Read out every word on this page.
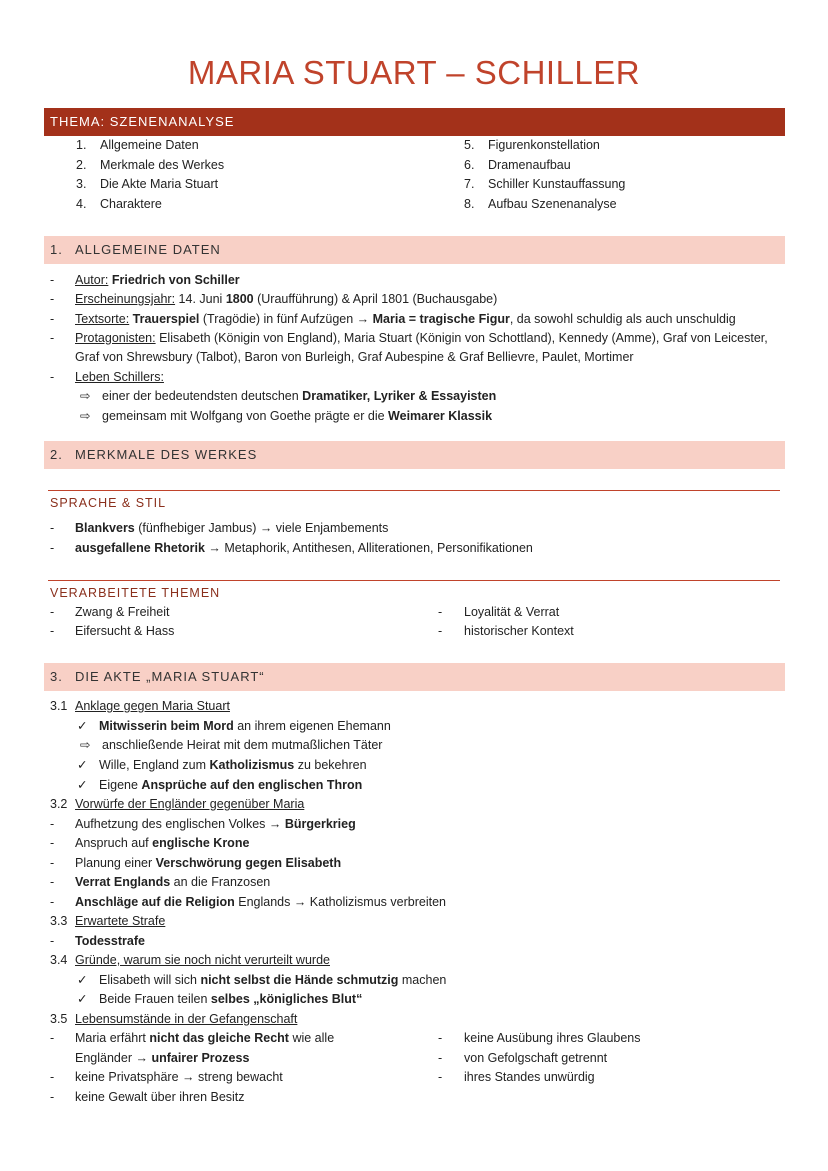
MARIA STUART – SCHILLER
THEMA: SZENENANALYSE
1. Allgemeine Daten
2. Merkmale des Werkes
3. Die Akte Maria Stuart
4. Charaktere
5. Figurenkonstellation
6. Dramenaufbau
7. Schiller Kunstauffassung
8. Aufbau Szenenanalyse
1. ALLGEMEINE DATEN
- Autor: Friedrich von Schiller
- Erscheinungsjahr: 14. Juni 1800 (Uraufführung) & April 1801 (Buchausgabe)
- Textsorte: Trauerspiel (Tragödie) in fünf Aufzügen → Maria = tragische Figur, da sowohl schuldig als auch unschuldig
- Protagonisten: Elisabeth (Königin von England), Maria Stuart (Königin von Schottland), Kennedy (Amme), Graf von Leicester,
Graf von Shrewsbury (Talbot), Baron von Burleigh, Graf Aubespine & Graf Bellievre, Paulet, Mortimer
- Leben Schillers:
⇨ einer der bedeutendsten deutschen Dramatiker, Lyriker & Essayisten
⇨ gemeinsam mit Wolfgang von Goethe prägte er die Weimarer Klassik
2. MERKMALE DES WERKES
SPRACHE & STIL
- Blankvers (fünfhebiger Jambus) → viele Enjambements
- ausgefallene Rhetorik → Metaphorik, Antithesen, Alliterationen, Personifikationen
VERARBEITETE THEMEN
- Zwang & Freiheit
- Eifersucht & Hass
- Loyalität & Verrat
- historischer Kontext
3. DIE AKTE „MARIA STUART“
3.1 Anklage gegen Maria Stuart
✓ Mitwisserin beim Mord an ihrem eigenen Ehemann
⇨ anschließende Heirat mit dem mutmaßlichen Täter
✓ Wille, England zum Katholizismus zu bekehren
✓ Eigene Ansprüche auf den englischen Thron
3.2 Vorwürfe der Engländer gegenüber Maria
- Aufhetzung des englischen Volkes → Bürgerkrieg
- Anspruch auf englische Krone
- Planung einer Verschwörung gegen Elisabeth
- Verrat Englands an die Franzosen
- Anschläge auf die Religion Englands → Katholizismus verbreiten
3.3 Erwartete Strafe
- Todesstrafe
3.4 Gründe, warum sie noch nicht verurteilt wurde
✓ Elisabeth will sich nicht selbst die Hände schmutzig machen
✓ Beide Frauen teilen selbes „königliches Blut“
3.5 Lebensumstände in der Gefangenschaft
- Maria erfährt nicht das gleiche Recht wie alle
Engländer → unfairer Prozess
- keine Privatsphäre → streng bewacht
- keine Gewalt über ihren Besitz
- keine Ausübung ihres Glaubens
- von Gefolgschaft getrennt
- ihres Standes unwürdig
